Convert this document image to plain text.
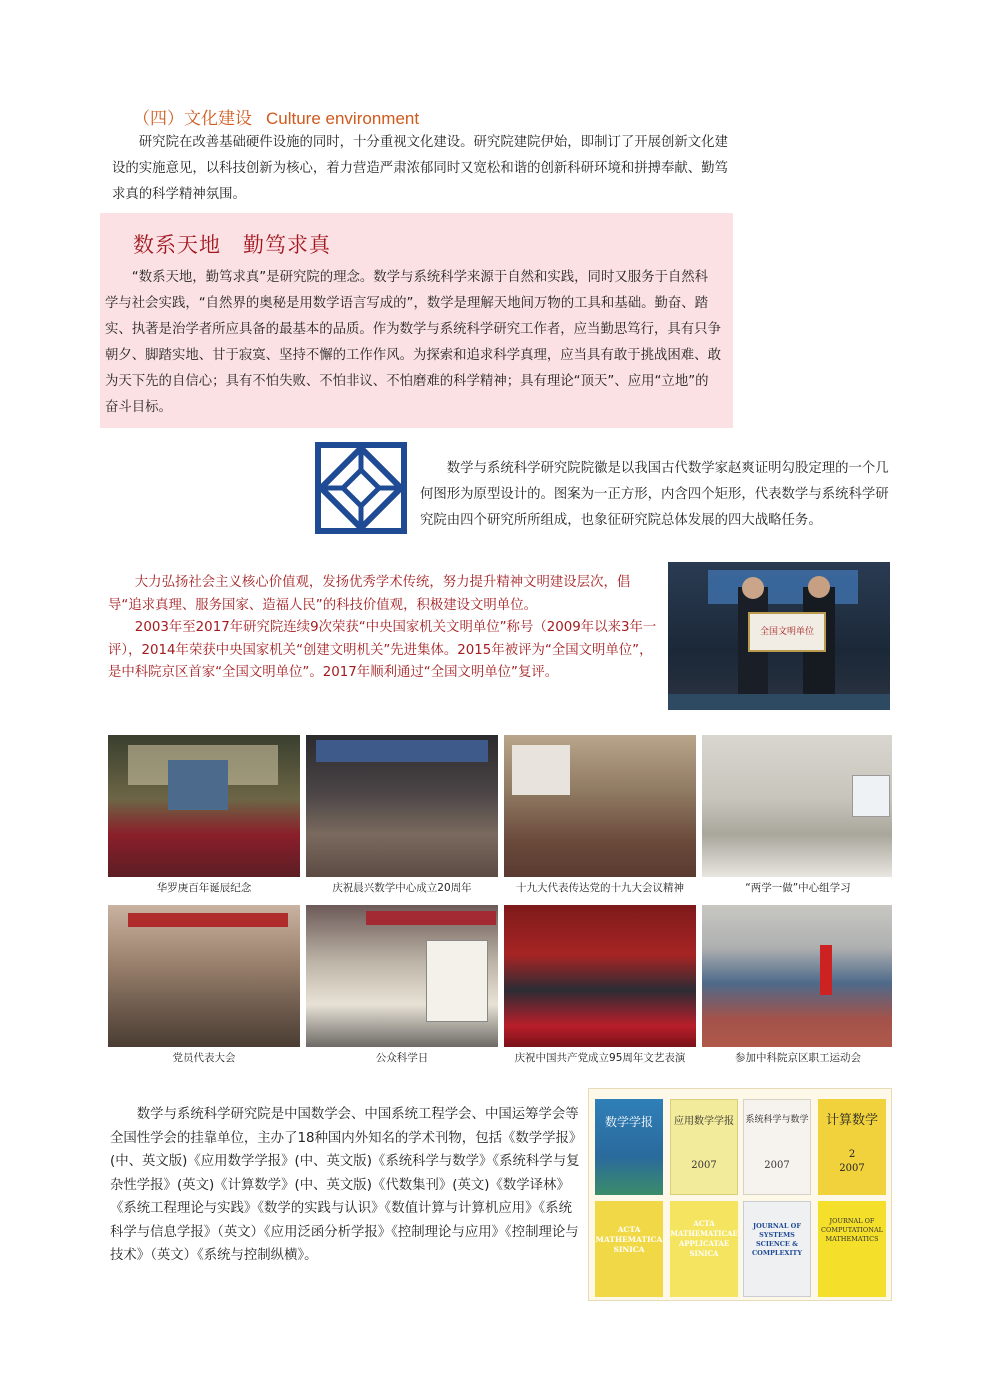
（四）文化建设 Culture environment

研究院在改善基础硬件设施的同时，十分重视文化建设。研究院建院伊始，即制订了开展创新文化建设的实施意见，以科技创新为核心，着力营造严肃浓郁同时又宽松和谐的创新科研环境和拼搏奉献、勤笃求真的科学精神氛围。

数系天地　勤笃求真

“数系天地，勤笃求真”是研究院的理念。数学与系统科学来源于自然和实践，同时又服务于自然科学与社会实践，“自然界的奥秘是用数学语言写成的”，数学是理解天地间万物的工具和基础。勤奋、踏实、执著是治学者所应具备的最基本的品质。作为数学与系统科学研究工作者，应当勤思笃行，具有只争朝夕、脚踏实地、甘于寂寞、坚持不懈的工作作风。为探索和追求科学真理，应当具有敢于挑战困难、敢为天下先的自信心；具有不怕失败、不怕非议、不怕磨难的科学精神；具有理论“顶天”、应用“立地”的奋斗目标。

数学与系统科学研究院院徽是以我国古代数学家赵爽证明勾股定理的一个几何图形为原型设计的。图案为一正方形，内含四个矩形，代表数学与系统科学研究院由四个研究所所组成，也象征研究院总体发展的四大战略任务。

大力弘扬社会主义核心价值观，发扬优秀学术传统，努力提升精神文明建设层次，倡导“追求真理、服务国家、造福人民”的科技价值观，积极建设文明单位。

2003年至2017年研究院连续9次荣获“中央国家机关文明单位”称号（2009年以来3年一评），2014年荣获中央国家机关“创建文明机关”先进集体。2015年被评为“全国文明单位”，是中科院京区首家“全国文明单位”。2017年顺利通过“全国文明单位”复评。

全国文明单位
华罗庚百年诞辰纪念	庆祝晨兴数学中心成立20周年	十九大代表传达党的十九大会议精神	“两学一做”中心组学习
党员代表大会	公众科学日	庆祝中国共产党成立95周年文艺表演	参加中科院京区职工运动会

数学与系统科学研究院是中国数学会、中国系统工程学会、中国运筹学会等全国性学会的挂靠单位，主办了18种国内外知名的学术刊物，包括《数学学报》(中、英文版)《应用数学学报》(中、英文版)《系统科学与数学》《系统科学与复杂性学报》(英文)《计算数学》(中、英文版)《代数集刊》(英文)《数学译林》《系统工程理论与实践》《数学的实践与认识》《数值计算与计算机应用》《系统科学与信息学报》（英文）《应用泛函分析学报》《控制理论与应用》《控制理论与技术》（英文）《系统与控制纵横》。

数学学报	应用数学学报
2007
系统科学与数学
2007
计算数学
2
2007
ACTA MATHEMATICA SINICA
ACTA MATHEMATICAE APPLICATAE SINICA
JOURNAL OF SYSTEMS SCIENCE & COMPLEXITY
JOURNAL OF COMPUTATIONAL MATHEMATICS
